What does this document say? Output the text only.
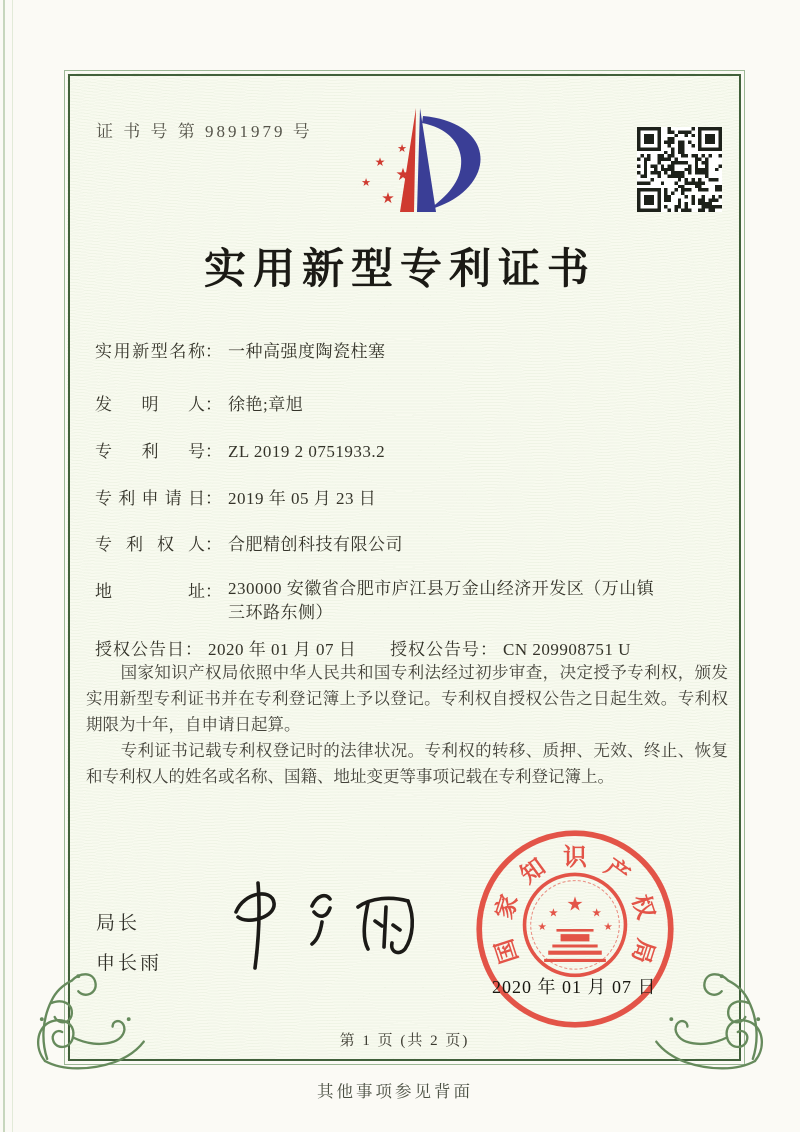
证 书 号 第 9891979 号
★
★
★
★
★
实用新型专利证书
实用新型名称： 一种高强度陶瓷柱塞
发明人： 徐艳;章旭
专利号： ZL 2019 2 0751933.2
专利申请日： 2019 年 05 月 23 日
专利权人： 合肥精创科技有限公司
地址： 230000 安徽省合肥市庐江县万金山经济开发区（万山镇三环路东侧）
授权公告日： 2020 年 01 月 07 日 授权公告号： CN 209908751 U

国家知识产权局依照中华人民共和国专利法经过初步审查，决定授予专利权，颁发实用新型专利证书并在专利登记簿上予以登记。专利权自授权公告之日起生效。专利权期限为十年，自申请日起算。

专利证书记载专利权登记时的法律状况。专利权的转移、质押、无效、终止、恢复和专利权人的姓名或名称、国籍、地址变更等事项记载在专利登记簿上。

局长
申长雨	国
家
知 识 产
权
局
★
★	★
★	★
2020 年 01 月 07 日
第 1 页 (共 2 页)
其他事项参见背面
